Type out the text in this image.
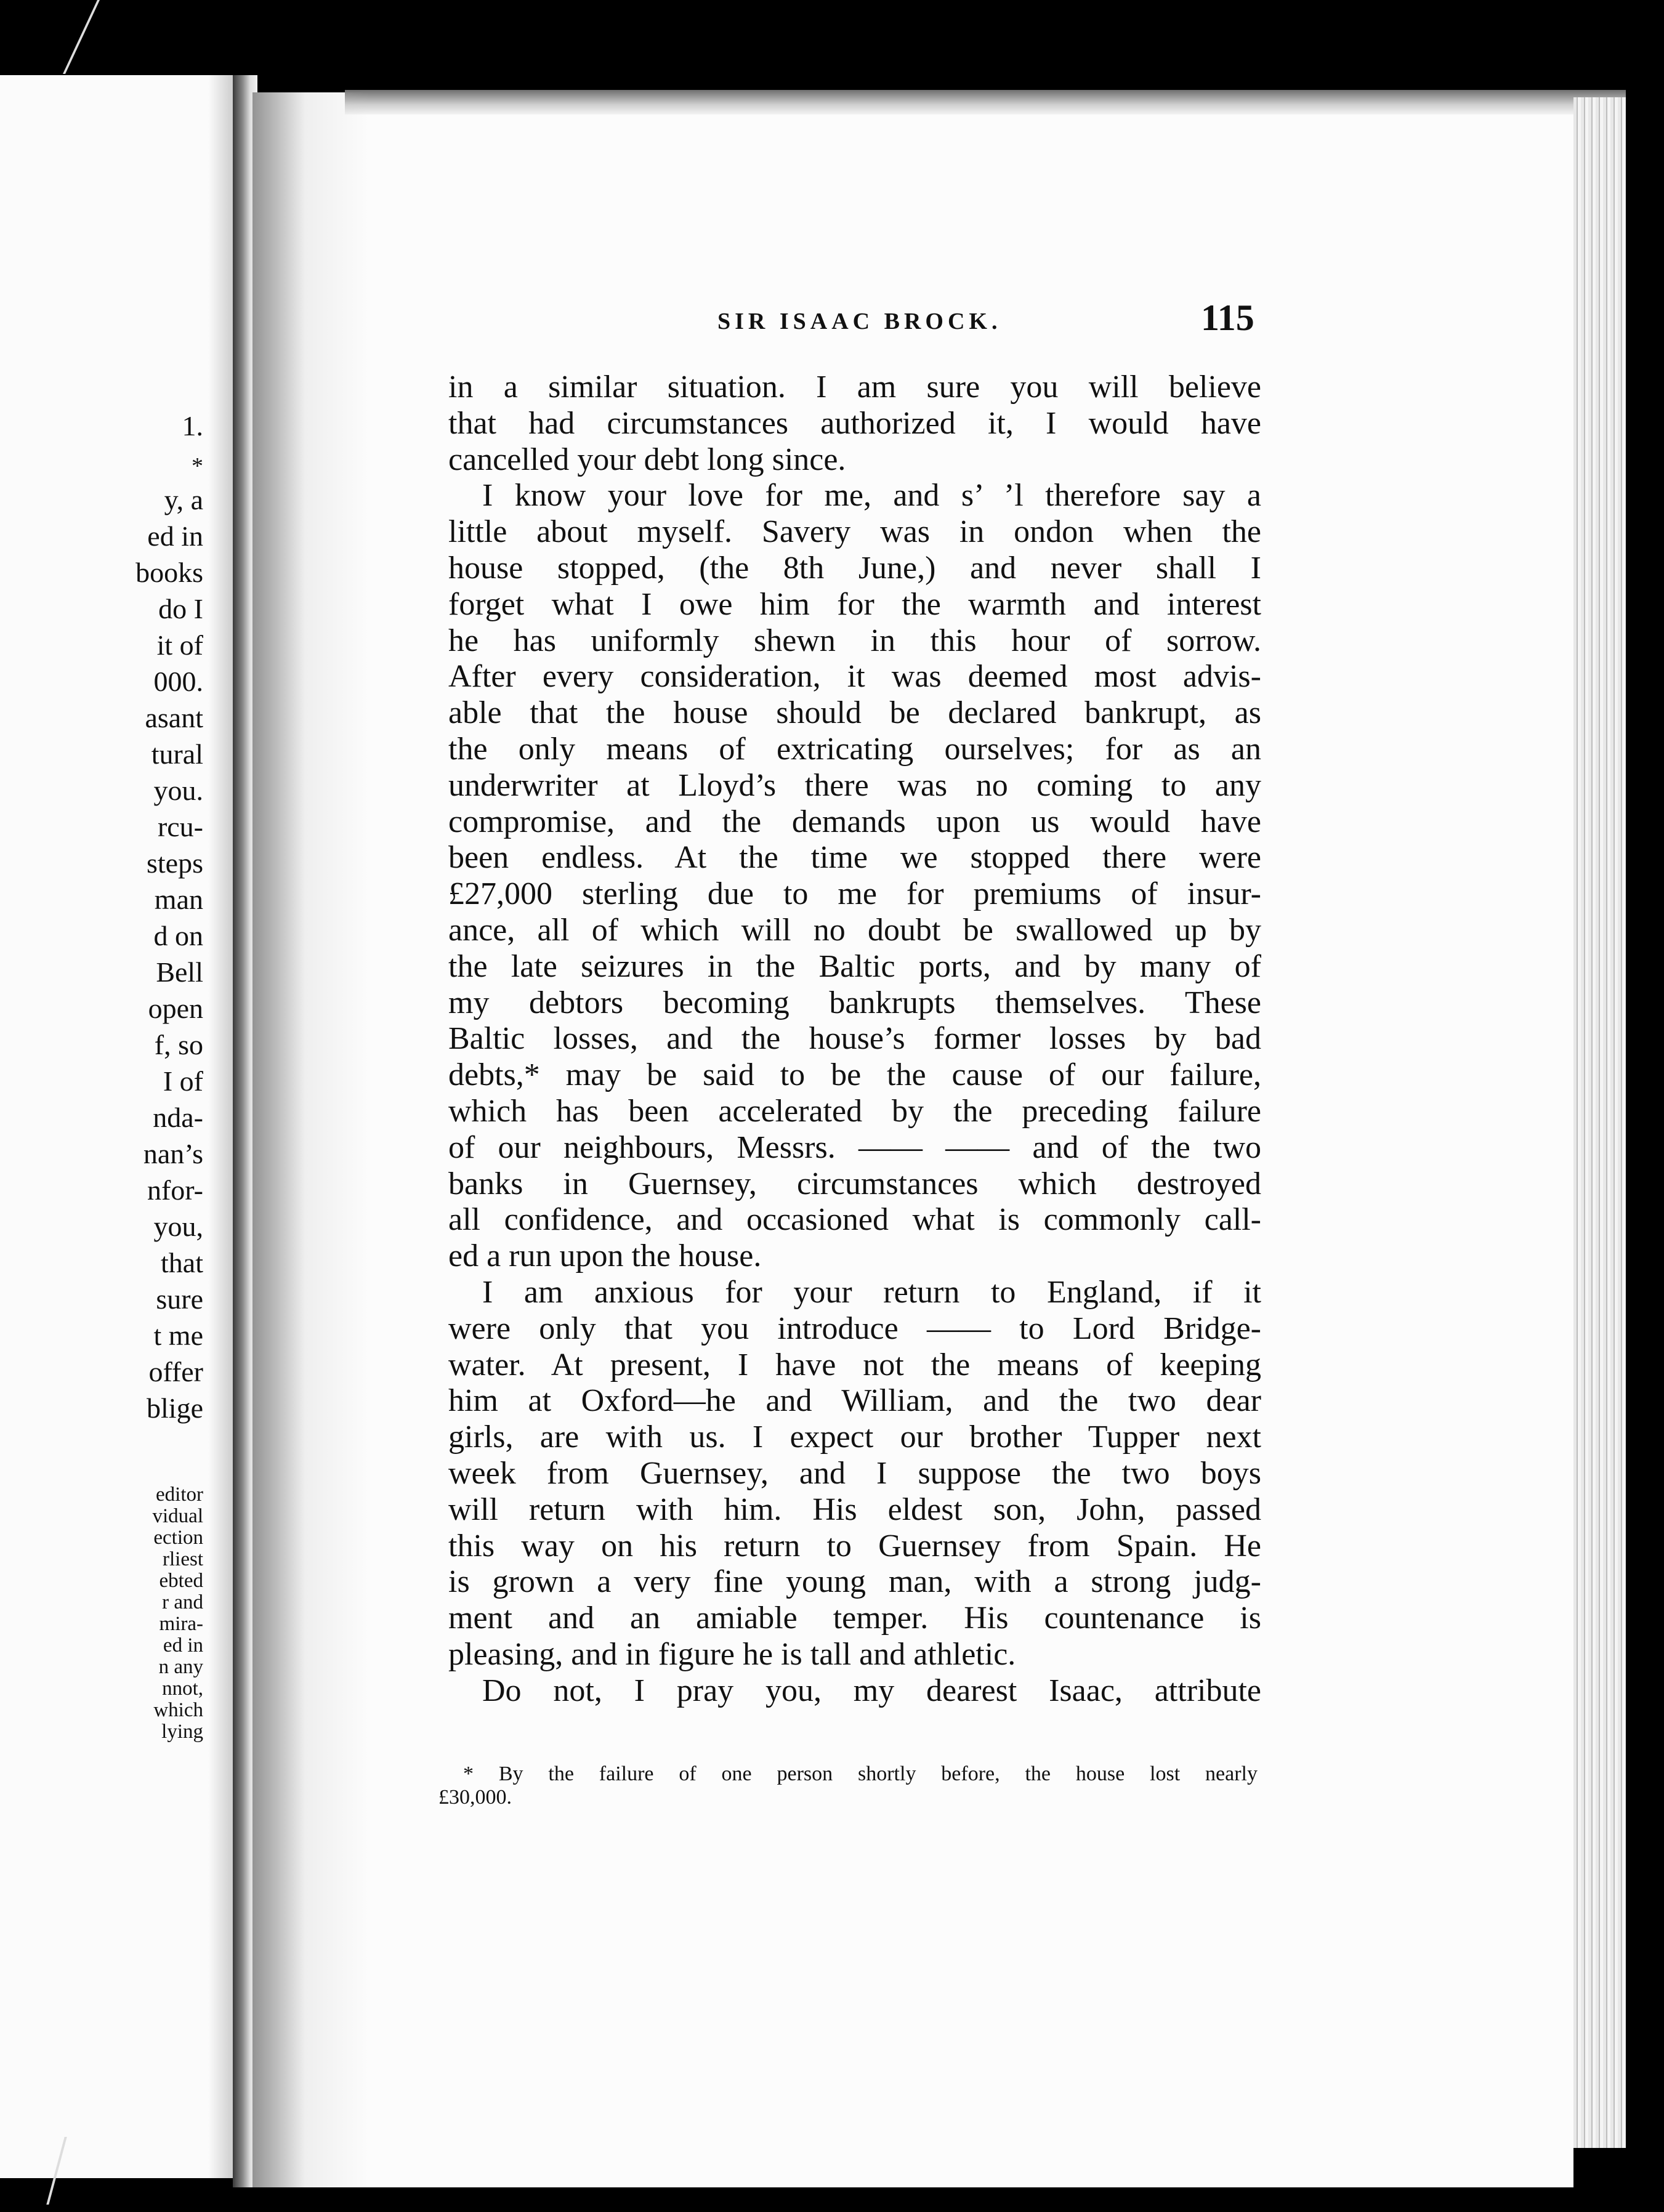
1.

*

y, a

ed in

books

do I

it of

000.

asant

tural

you.

rcu-

steps

man

d on

Bell

open

f, so

I of

nda-

nan’s

nfor-

you,

that

sure

t me

offer

blige

editor

vidual

ection

rliest

ebted

r and

mira-

ed in

n any

nnot,

which

lying

SIR ISAAC BROCK.	115

in a similar situation. I am sure you will believe
that had circumstances authorized it, I would have
cancelled your debt long since.
I know your love for me, and s’ ’l therefore say a
little about myself. Savery was in ondon when the
house stopped, (the 8th June,) and never shall I
forget what I owe him for the warmth and interest
he has uniformly shewn in this hour of sorrow.
After every consideration, it was deemed most advis-
able that the house should be declared bankrupt, as
the only means of extricating ourselves; for as an
underwriter at Lloyd’s there was no coming to any
compromise, and the demands upon us would have
been endless. At the time we stopped there were
£27,000 sterling due to me for premiums of insur-
ance, all of which will no doubt be swallowed up by
the late seizures in the Baltic ports, and by many of
my debtors becoming bankrupts themselves. These
Baltic losses, and the house’s former losses by bad
debts,* may be said to be the cause of our failure,
which has been accelerated by the preceding failure
of our neighbours, Messrs. —— —— and of the two
banks in Guernsey, circumstances which destroyed
all confidence, and occasioned what is commonly call-
ed a run upon the house.
I am anxious for your return to England, if it
were only that you introduce —— to Lord Bridge-
water. At present, I have not the means of keeping
him at Oxford—he and William, and the two dear
girls, are with us. I expect our brother Tupper next
week from Guernsey, and I suppose the two boys
will return with him. His eldest son, John, passed
this way on his return to Guernsey from Spain. He
is grown a very fine young man, with a strong judg-
ment and an amiable temper. His countenance is
pleasing, and in figure he is tall and athletic.
Do not, I pray you, my dearest Isaac, attribute
* By the failure of one person shortly before, the house lost nearly
£30,000.
